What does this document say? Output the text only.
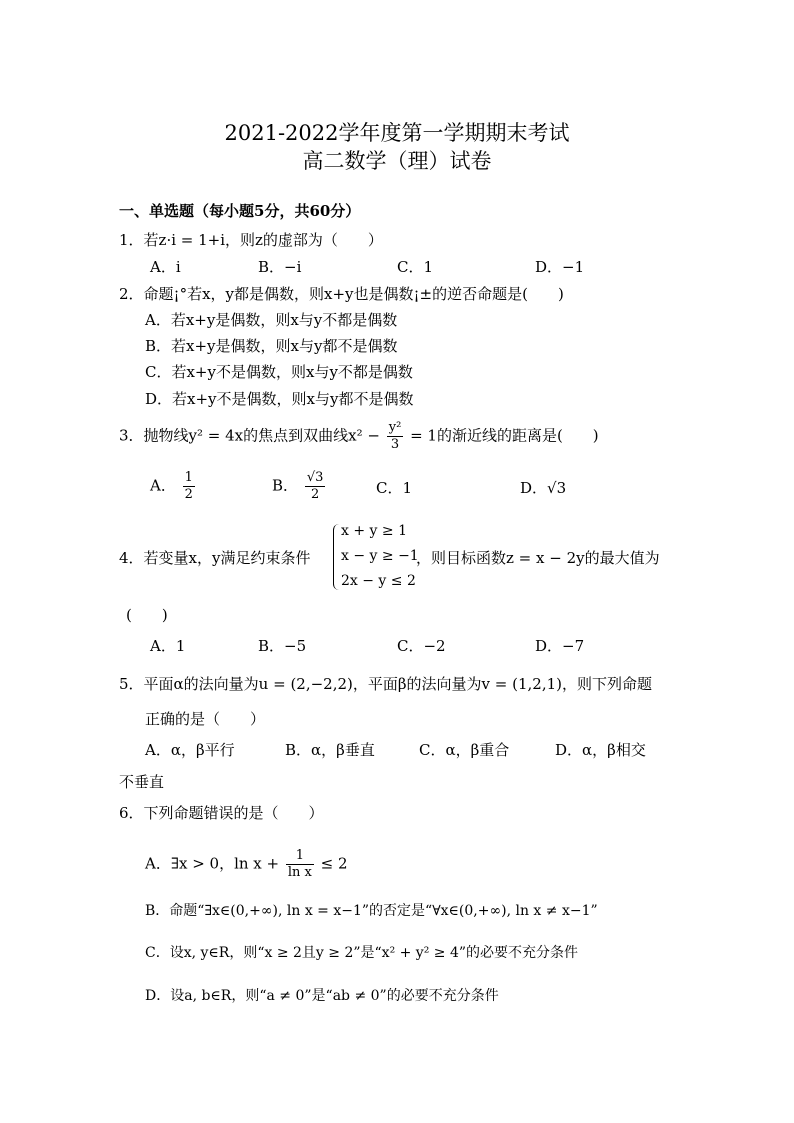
2021-2022学年度第一学期期末考试
高二数学（理）试卷
一、单选题（每小题5分，共60分）
1．若z·i = 1+i，则z的虚部为（　　）
A．i	B．−i	C．1	D．−1
2．命题¡°若x，y都是偶数，则x+y也是偶数¡±的逆否命题是(　　)
A．若x+y是偶数，则x与y不都是偶数
B．若x+y是偶数，则x与y都不是偶数
C．若x+y不是偶数，则x与y不都是偶数
D．若x+y不是偶数，则x与y都不是偶数
3．抛物线y² = 4x的焦点到双曲线$x^2 - \frac{\text{y²}}{3} = 1$的渐近线的距离是(　　)
A． $\frac{1}{2}$	B． $\frac{√3}{2}$	C．1	D．√3
4．若变量x，y满足约束条件
x + y ≥ 1
x − y ≥ −1
2x − y ≤ 2
，则目标函数z = x − 2y的最大值为
(　　)
A．1	B．−5	C．−2	D．−7
5．平面α的法向量为u = (2,−2,2)，平面β的法向量为v = (1,2,1)，则下列命题
正确的是（　　）
A．α，β平行	B．α，β垂直	C．α，β重合	D．α，β相交
不垂直
6．下列命题错误的是（　　）
A．∃x > 0，$\ln x + \frac{1}{\text{ln x}} \le 2$
B．命题“∃x∈(0,+∞), ln x = x−1”的否定是“∀x∈(0,+∞), ln x ≠ x−1”
C．设x, y∈R，则“x ≥ 2且y ≥ 2”是“x² + y² ≥ 4”的必要不充分条件
D．设a, b∈R，则“a ≠ 0”是“ab ≠ 0”的必要不充分条件
